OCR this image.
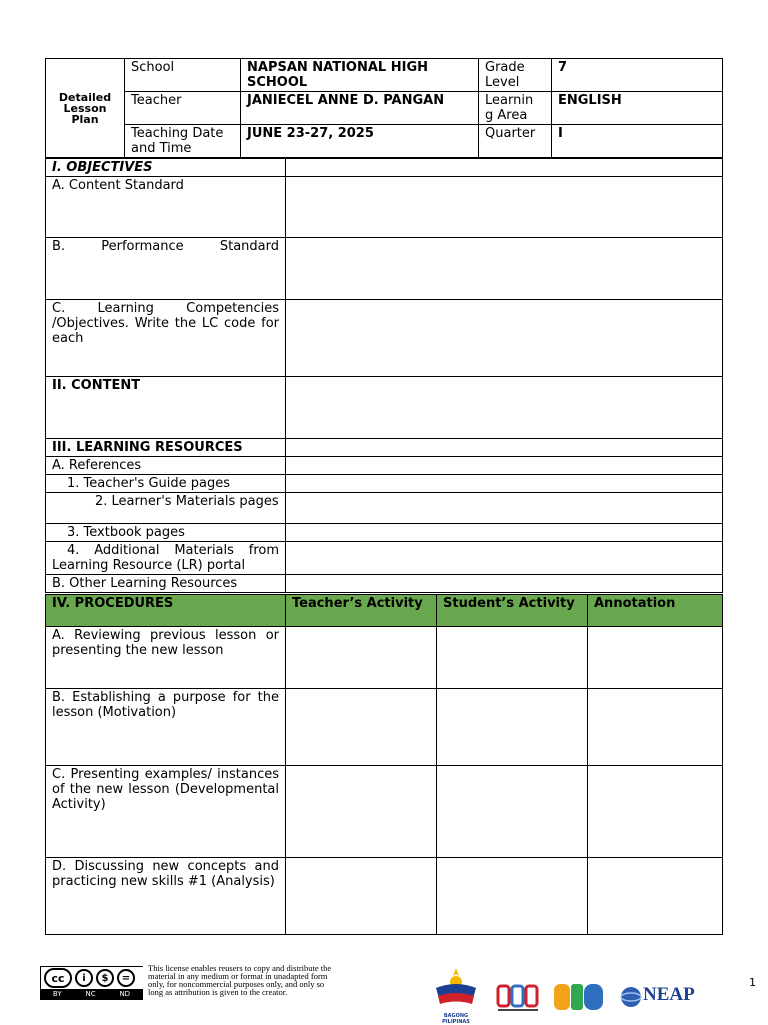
Detailed Lesson Plan	School	NAPSAN NATIONAL HIGH SCHOOL	Grade Level	7
	Teacher	JANIECEL ANNE D. PANGAN	Learnin g Area	ENGLISH
	Teaching Date and Time	JUNE 23-27, 2025	Quarter	I
I. OBJECTIVES	
A. Content Standard	

B. Performance Standard	

C. Learning Competencies /Objectives. Write the LC code for each	
II. CONTENT	
III. LEARNING RESOURCES	
A. References	
1. Teacher's Guide pages	
2. Learner's Materials pages	
3. Textbook pages	
4. Additional Materials from Learning Resource (LR) portal	
B. Other Learning Resources	
IV. PROCEDURES	Teacher’s Activity	Student’s Activity	Annotation
A. Reviewing previous lesson or presenting the new lesson			
B. Establishing a purpose for the lesson (Motivation)			
C. Presenting examples/ instances of the new lesson (Developmental Activity)			
D. Discussing new concepts and practicing new skills #1 (Analysis)			
cc	i	$	=
BY	NC	ND
This license enables reusers to copy and distribute the material in any medium or format in unadapted form only, for noncommercial purposes only, and only so long as attribution is given to the creator.
BAGONG PILIPINAS
NEAP
1
